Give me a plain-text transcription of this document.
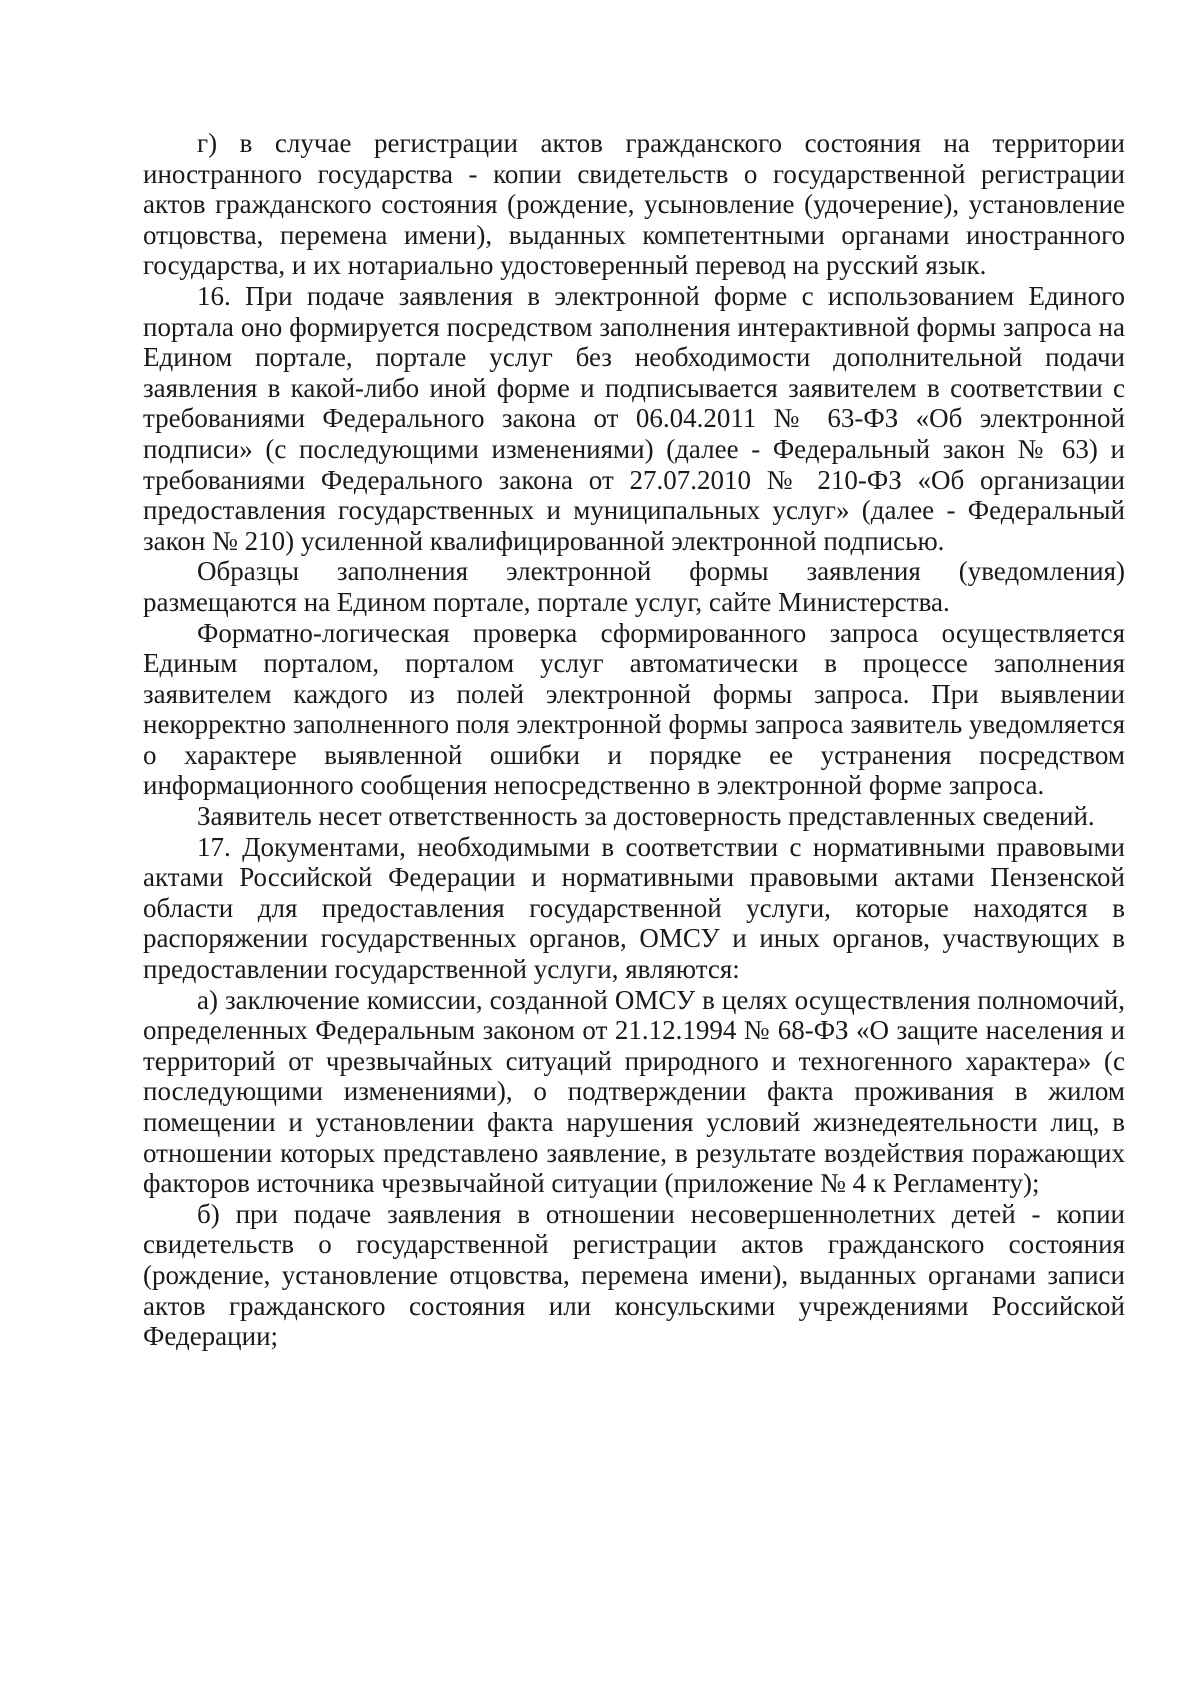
г) в случае регистрации актов гражданского состояния на территории иностранного государства - копии свидетельств о государственной регистрации актов гражданского состояния (рождение, усыновление (удочерение), установление отцовства, перемена имени), выданных компетентными органами иностранного государства, и их нотариально удостоверенный перевод на русский язык.

16. При подаче заявления в электронной форме с использованием Единого портала оно формируется посредством заполнения интерактивной формы запроса на Едином портале, портале услуг без необходимости дополнительной подачи заявления в какой-либо иной форме и подписывается заявителем в соответствии с требованиями Федерального закона от 06.04.2011 № 63-ФЗ «Об электронной подписи» (с последующими изменениями) (далее - Федеральный закон № 63) и требованиями Федерального закона от 27.07.2010 № 210-ФЗ «Об организации предоставления государственных и муниципальных услуг» (далее - Федеральный закон № 210) усиленной квалифицированной электронной подписью.

Образцы заполнения электронной формы заявления (уведомления) размещаются на Едином портале, портале услуг, сайте Министерства.

Форматно-логическая проверка сформированного запроса осуществляется Единым порталом, порталом услуг автоматически в процессе заполнения заявителем каждого из полей электронной формы запроса. При выявлении некорректно заполненного поля электронной формы запроса заявитель уведомляется о характере выявленной ошибки и порядке ее устранения посредством информационного сообщения непосредственно в электронной форме запроса.

Заявитель несет ответственность за достоверность представленных сведений.

17. Документами, необходимыми в соответствии с нормативными правовыми актами Российской Федерации и нормативными правовыми актами Пензенской области для предоставления государственной услуги, которые находятся в распоряжении государственных органов, ОМСУ и иных органов, участвующих в предоставлении государственной услуги, являются:

а) заключение комиссии, созданной ОМСУ в целях осуществления полномочий, определенных Федеральным законом от 21.12.1994 № 68-ФЗ «О защите населения и территорий от чрезвычайных ситуаций природного и техногенного характера» (с последующими изменениями), о подтверждении факта проживания в жилом помещении и установлении факта нарушения условий жизнедеятельности лиц, в отношении которых представлено заявление, в результате воздействия поражающих факторов источника чрезвычайной ситуации (приложение № 4 к Регламенту);

б) при подаче заявления в отношении несовершеннолетних детей - копии свидетельств о государственной регистрации актов гражданского состояния (рождение, установление отцовства, перемена имени), выданных органами записи актов гражданского состояния или консульскими учреждениями Российской Федерации;
